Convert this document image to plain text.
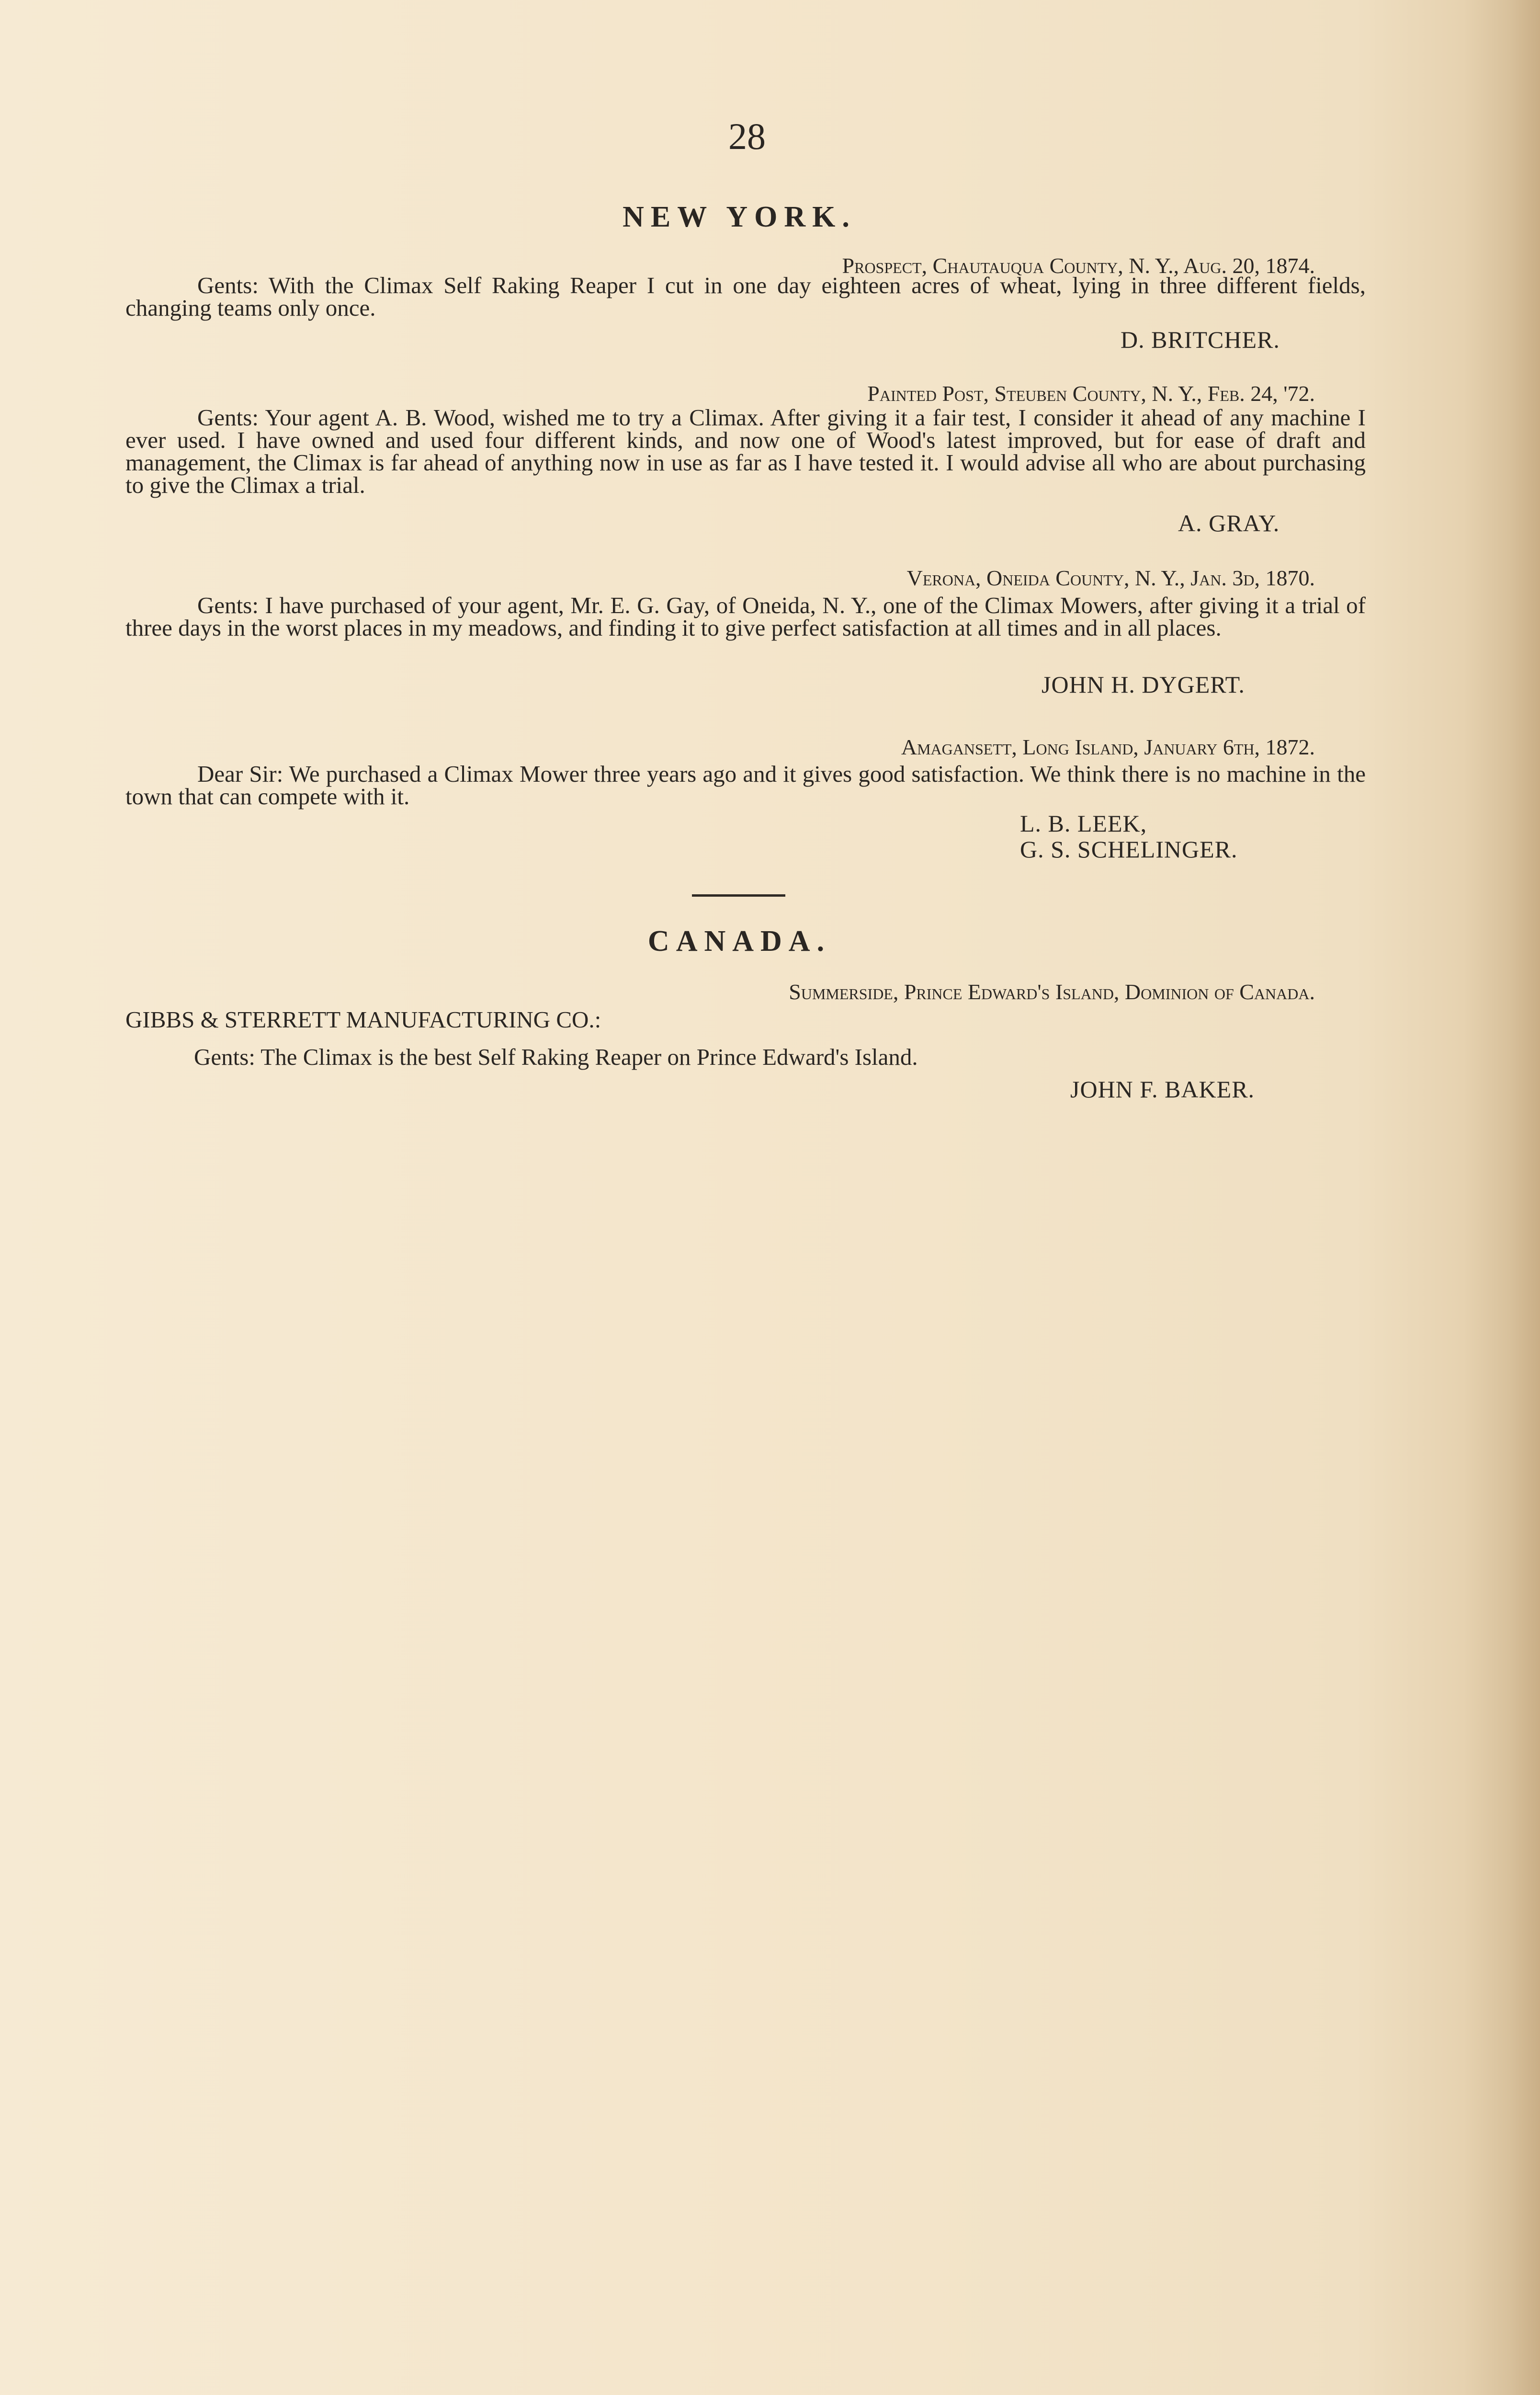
28
NEW YORK.
Prospect, Chautauqua County, N. Y., Aug. 20, 1874.
Gents: With the Climax Self Raking Reaper I cut in one day eighteen acres of wheat, lying in three different fields, changing teams only once.
D. BRITCHER.
Painted Post, Steuben County, N. Y., Feb. 24, '72.
Gents: Your agent A. B. Wood, wished me to try a Climax. After giving it a fair test, I consider it ahead of any machine I ever used. I have owned and used four different kinds, and now one of Wood's latest improved, but for ease of draft and management, the Climax is far ahead of anything now in use as far as I have tested it. I would advise all who are about purchasing to give the Climax a trial.
A. GRAY.
Verona, Oneida County, N. Y., Jan. 3d, 1870.
Gents: I have purchased of your agent, Mr. E. G. Gay, of Oneida, N. Y., one of the Climax Mowers, after giving it a trial of three days in the worst places in my meadows, and finding it to give perfect satisfaction at all times and in all places.
JOHN H. DYGERT.
Amagansett, Long Island, January 6th, 1872.
Dear Sir: We purchased a Climax Mower three years ago and it gives good satisfaction. We think there is no machine in the town that can compete with it.
L. B. LEEK,
G. S. SCHELINGER.
CANADA.
Summerside, Prince Edward's Island, Dominion of Canada.
GIBBS & STERRETT MANUFACTURING CO.:
Gents: The Climax is the best Self Raking Reaper on Prince Edward's Island.
JOHN F. BAKER.
